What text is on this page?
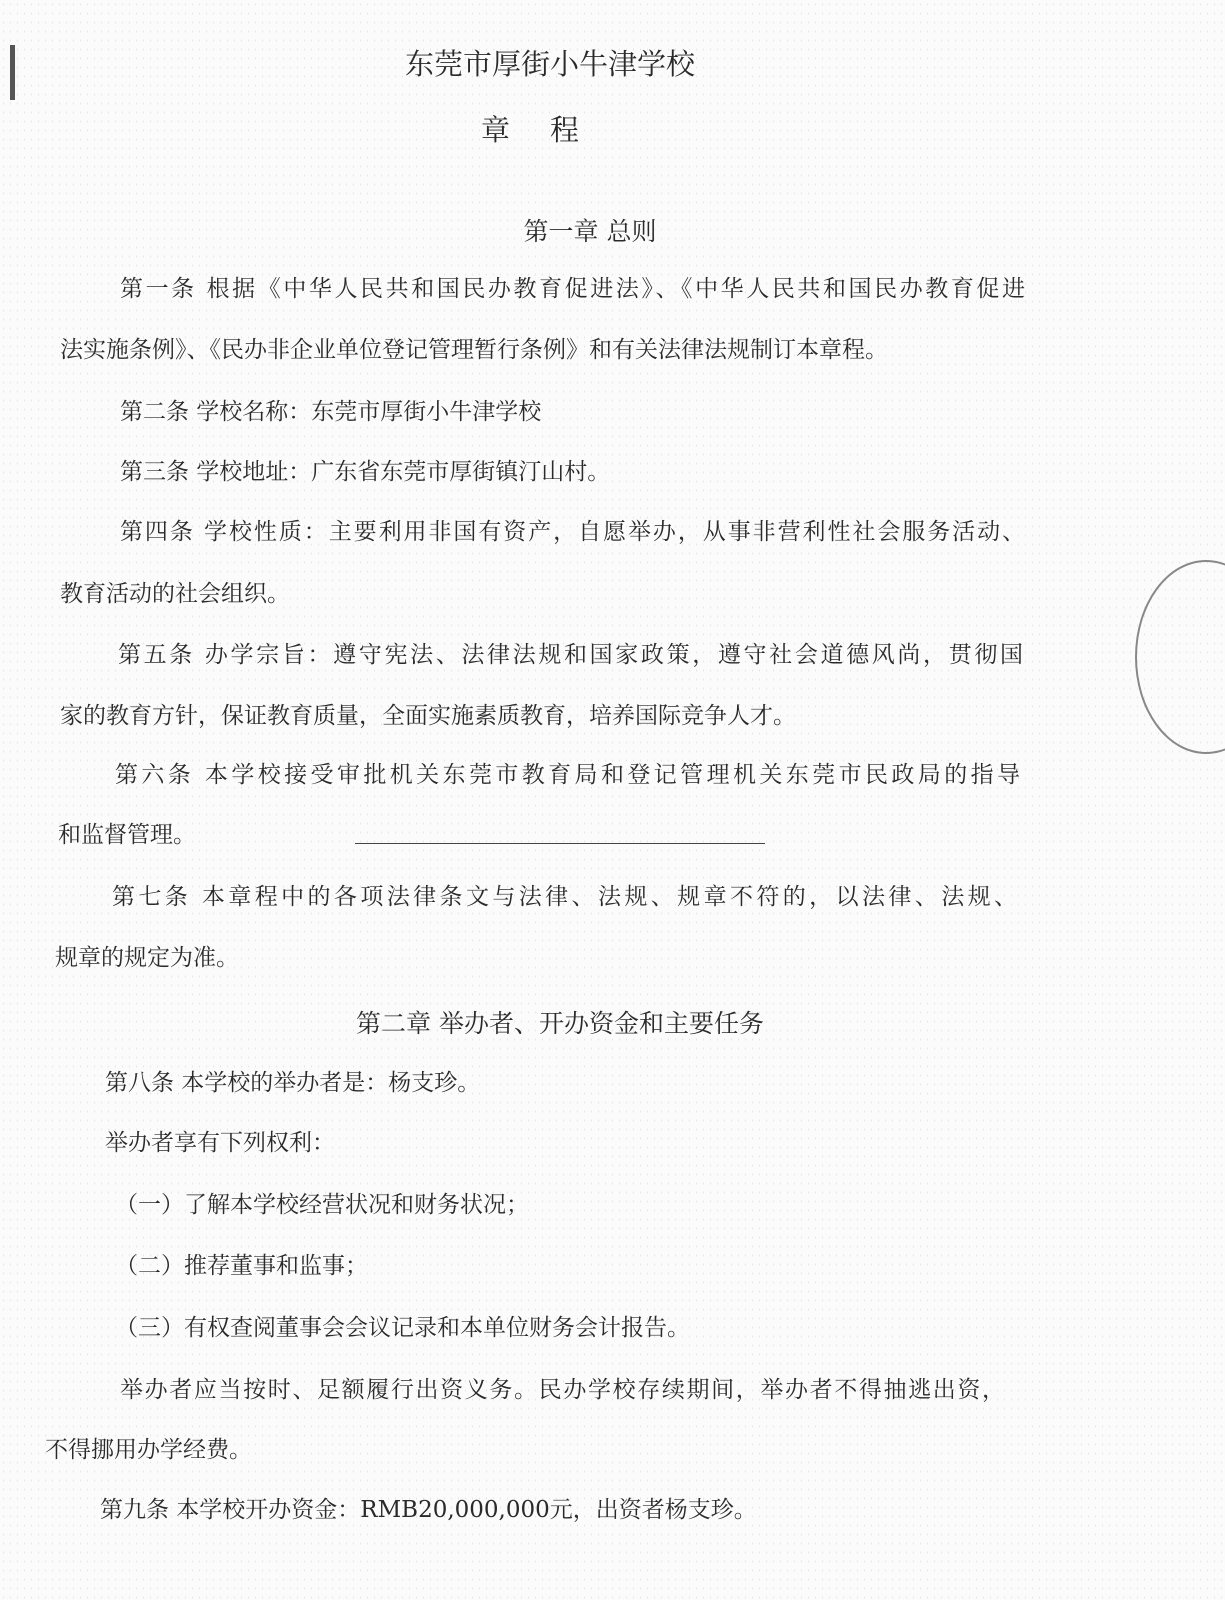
东莞市厚街小牛津学校
章程
第一章 总则
第一条 根据《中华人民共和国民办教育促进法》、《中华人民共和国民办教育促进
法实施条例》、《民办非企业单位登记管理暂行条例》和有关法律法规制订本章程。
第二条 学校名称：东莞市厚街小牛津学校
第三条 学校地址：广东省东莞市厚街镇汀山村。
第四条 学校性质：主要利用非国有资产，自愿举办，从事非营利性社会服务活动、
教育活动的社会组织。
第五条 办学宗旨：遵守宪法、法律法规和国家政策，遵守社会道德风尚，贯彻国
家的教育方针，保证教育质量，全面实施素质教育，培养国际竞争人才。
第六条 本学校接受审批机关东莞市教育局和登记管理机关东莞市民政局的指导
和监督管理。
第七条 本章程中的各项法律条文与法律、法规、规章不符的，以法律、法规、
规章的规定为准。
第二章 举办者、开办资金和主要任务
第八条 本学校的举办者是：杨支珍。
举办者享有下列权利：
（一）了解本学校经营状况和财务状况；
（二）推荐董事和监事；
（三）有权查阅董事会会议记录和本单位财务会计报告。
举办者应当按时、足额履行出资义务。民办学校存续期间，举办者不得抽逃出资，
不得挪用办学经费。
第九条 本学校开办资金：RMB20,000,000元，出资者杨支珍。
